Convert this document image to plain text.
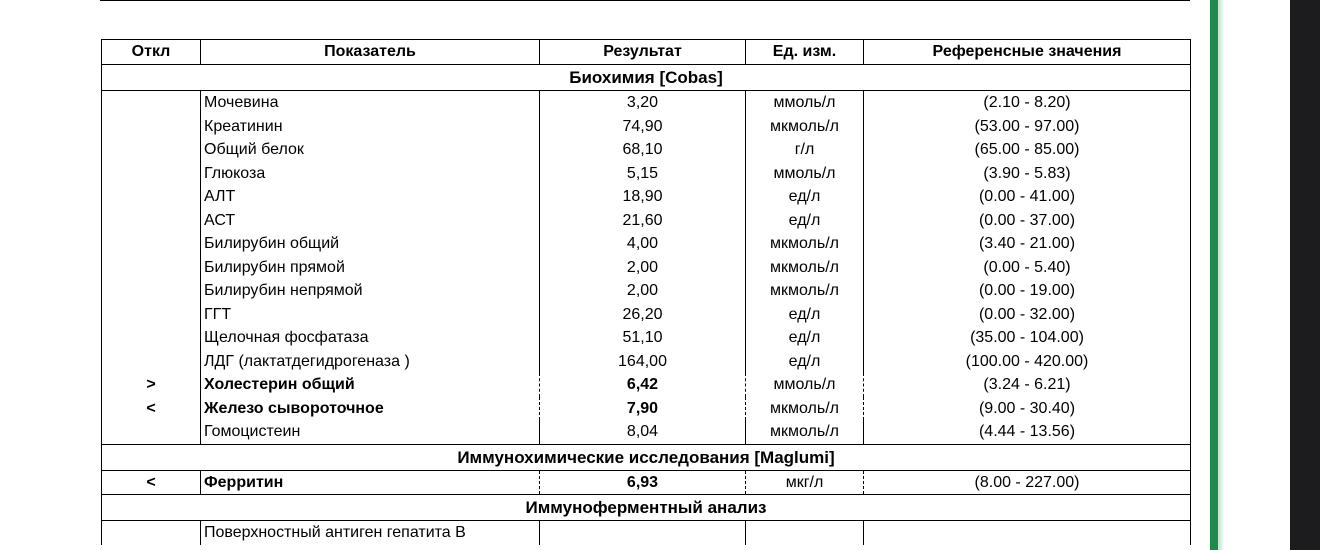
Откл	Показатель	Результат	Ед. изм.	Референсные значения
Биохимия [Cobas]				
	Мочевина	3,20	ммоль/л	(2.10 - 8.20)
	Креатинин	74,90	мкмоль/л	(53.00 - 97.00)
	Общий белок	68,10	г/л	(65.00 - 85.00)
	Глюкоза	5,15	ммоль/л	(3.90 - 5.83)
	АЛТ	18,90	ед/л	(0.00 - 41.00)
	АСТ	21,60	ед/л	(0.00 - 37.00)
	Билирубин общий	4,00	мкмоль/л	(3.40 - 21.00)
	Билирубин прямой	2,00	мкмоль/л	(0.00 - 5.40)
	Билирубин непрямой	2,00	мкмоль/л	(0.00 - 19.00)
	ГГТ	26,20	ед/л	(0.00 - 32.00)
	Щелочная фосфатаза	51,10	ед/л	(35.00 - 104.00)
	ЛДГ (лактатдегидрогеназа )	164,00	ед/л	(100.00 - 420.00)
>	Холестерин общий	6,42	ммоль/л	(3.24 - 6.21)
<	Железо сывороточное	7,90	мкмоль/л	(9.00 - 30.40)
	Гомоцистеин	8,04	мкмоль/л	(4.44 - 13.56)
Иммунохимические исследования [Maglumi]				
<	Ферритин	6,93	мкг/л	(8.00 - 227.00)
Иммуноферментный анализ				
	Поверхностный антиген гепатита B			
